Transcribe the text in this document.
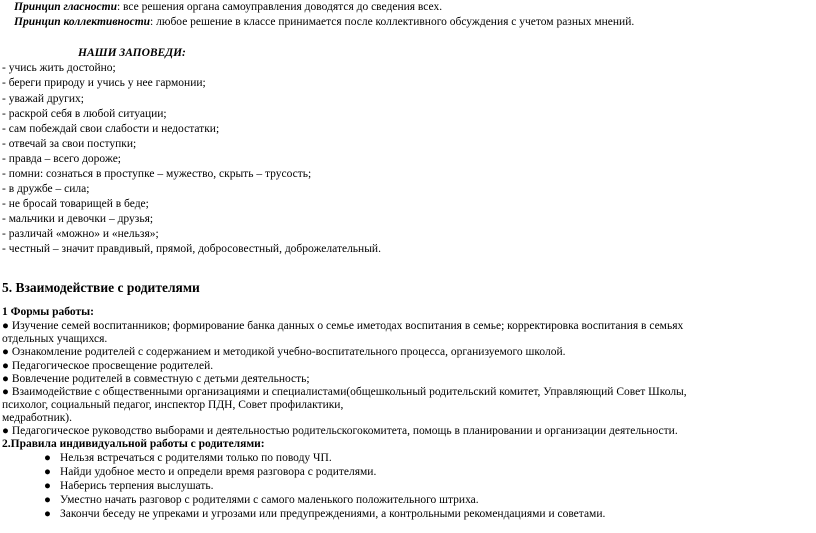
Принцип гласности: все решения органа самоуправления доводятся до сведения всех.
Принцип коллективности: любое решение в классе принимается после коллективного обсуждения с учетом разных мнений.
НАШИ ЗАПОВЕДИ:
- учись жить достойно;
- береги природу и учись у нее гармонии;
- уважай других;
- раскрой себя в любой ситуации;
- сам побеждай свои слабости и недостатки;
- отвечай за свои поступки;
- правда – всего дороже;
- помни: сознаться в проступке – мужество, скрыть – трусость;
- в дружбе – сила;
- не бросай товарищей в беде;
- мальчики и девочки – друзья;
- различай «можно» и «нельзя»;
- честный – значит правдивый, прямой, добросовестный, доброжелательный.
5. Взаимодействие с родителями
1 Формы работы:
● Изучение семей воспитанников; формирование банка данных о семье иметодах воспитания в семье; корректировка воспитания в семьях
отдельных учащихся.
● Ознакомление родителей с содержанием и методикой учебно-воспитательного процесса, организуемого школой.
● Педагогическое просвещение родителей.
● Вовлечение родителей в совместную с детьми деятельность;
● Взаимодействие с общественными организациями и специалистами(общешкольный родительский комитет, Управляющий Совет Школы,
психолог, социальный педагог, инспектор ПДН, Совет профилактики,
медработник).
● Педагогическое руководство выборами и деятельностью родительскогокомитета, помощь в планировании и организации деятельности.
2.Правила индивидуальной работы с родителями:
● Нельзя встречаться с родителями только по поводу ЧП.
● Найди удобное место и определи время разговора с родителями.
● Наберись терпения выслушать.
● Уместно начать разговор с родителями с самого маленького положительного штриха.
● Закончи беседу не упреками и угрозами или предупреждениями, а контрольными рекомендациями и советами.
